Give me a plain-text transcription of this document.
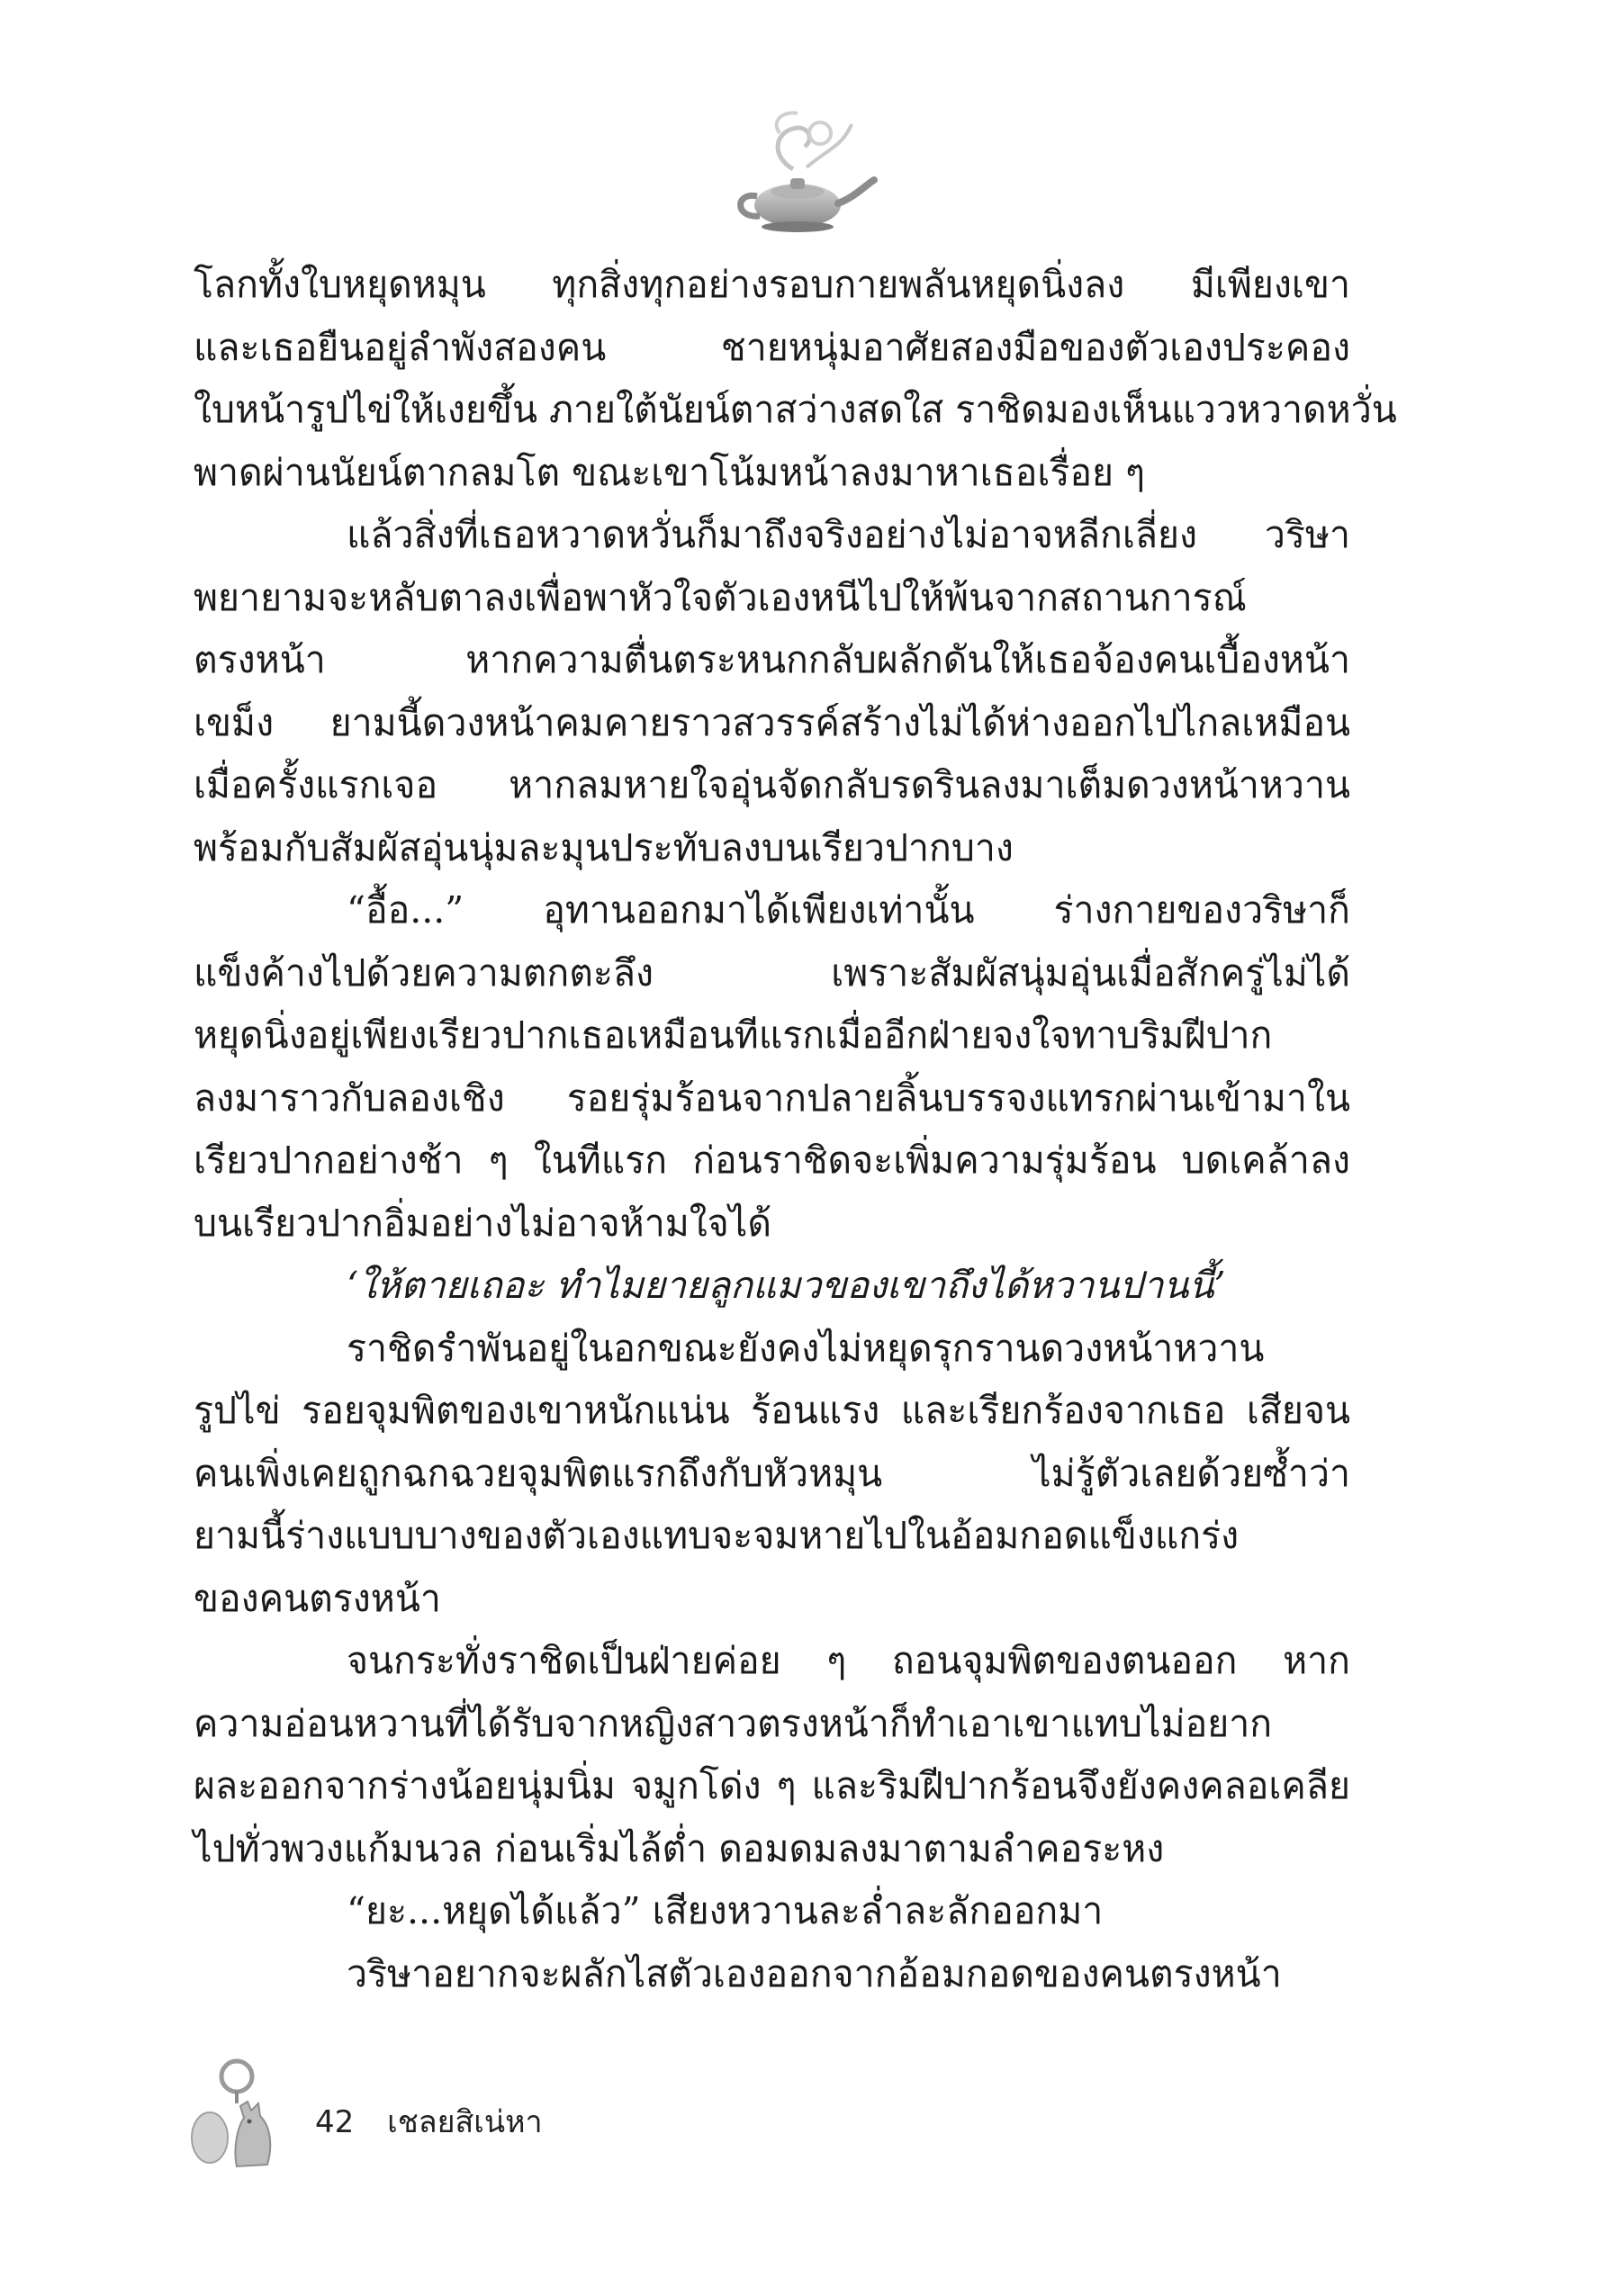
โลกทั้งใบหยุดหมุน ทุกสิ่งทุกอย่างรอบกายพลันหยุดนิ่งลง มีเพียงเขา
และเธอยืนอยู่ลำพังสองคน ชายหนุ่มอาศัยสองมือของตัวเองประคอง
ใบหน้ารูปไข่ให้เงยขึ้น ภายใต้นัยน์ตาสว่างสดใส ราชิดมองเห็นแววหวาดหวั่น
พาดผ่านนัยน์ตากลมโต ขณะเขาโน้มหน้าลงมาหาเธอเรื่อย ๆ
แล้วสิ่งที่เธอหวาดหวั่นก็มาถึงจริงอย่างไม่อาจหลีกเลี่ยง วริษา
พยายามจะหลับตาลงเพื่อพาหัวใจตัวเองหนีไปให้พ้นจากสถานการณ์
ตรงหน้า หากความตื่นตระหนกกลับผลักดันให้เธอจ้องคนเบื้องหน้า
เขม็ง ยามนี้ดวงหน้าคมคายราวสวรรค์สร้างไม่ได้ห่างออกไปไกลเหมือน
เมื่อครั้งแรกเจอ หากลมหายใจอุ่นจัดกลับรดรินลงมาเต็มดวงหน้าหวาน
พร้อมกับสัมผัสอุ่นนุ่มละมุนประทับลงบนเรียวปากบาง
“อื้อ...” อุทานออกมาได้เพียงเท่านั้น ร่างกายของวริษาก็
แข็งค้างไปด้วยความตกตะลึง เพราะสัมผัสนุ่มอุ่นเมื่อสักครู่ไม่ได้
หยุดนิ่งอยู่เพียงเรียวปากเธอเหมือนทีแรกเมื่ออีกฝ่ายจงใจทาบริมฝีปาก
ลงมาราวกับลองเชิง รอยรุ่มร้อนจากปลายลิ้นบรรจงแทรกผ่านเข้ามาใน
เรียวปากอย่างช้า ๆ ในทีแรก ก่อนราชิดจะเพิ่มความรุ่มร้อน บดเคล้าลง
บนเรียวปากอิ่มอย่างไม่อาจห้ามใจได้
‘ให้ตายเถอะ ทำไมยายลูกแมวของเขาถึงได้หวานปานนี้’
ราชิดรำพันอยู่ในอกขณะยังคงไม่หยุดรุกรานดวงหน้าหวาน
รูปไข่ รอยจุมพิตของเขาหนักแน่น ร้อนแรง และเรียกร้องจากเธอ เสียจน
คนเพิ่งเคยถูกฉกฉวยจุมพิตแรกถึงกับหัวหมุน ไม่รู้ตัวเลยด้วยซ้ำว่า
ยามนี้ร่างแบบบางของตัวเองแทบจะจมหายไปในอ้อมกอดแข็งแกร่ง
ของคนตรงหน้า
จนกระทั่งราชิดเป็นฝ่ายค่อย ๆ ถอนจุมพิตของตนออก หาก
ความอ่อนหวานที่ได้รับจากหญิงสาวตรงหน้าก็ทำเอาเขาแทบไม่อยาก
ผละออกจากร่างน้อยนุ่มนิ่ม จมูกโด่ง ๆ และริมฝีปากร้อนจึงยังคงคลอเคลีย
ไปทั่วพวงแก้มนวล ก่อนเริ่มไล้ต่ำ ดอมดมลงมาตามลำคอระหง
“ยะ...หยุดได้แล้ว” เสียงหวานละล่ำละลักออกมา
วริษาอยากจะผลักไสตัวเองออกจากอ้อมกอดของคนตรงหน้า
42 เชลยสิเน่หา
